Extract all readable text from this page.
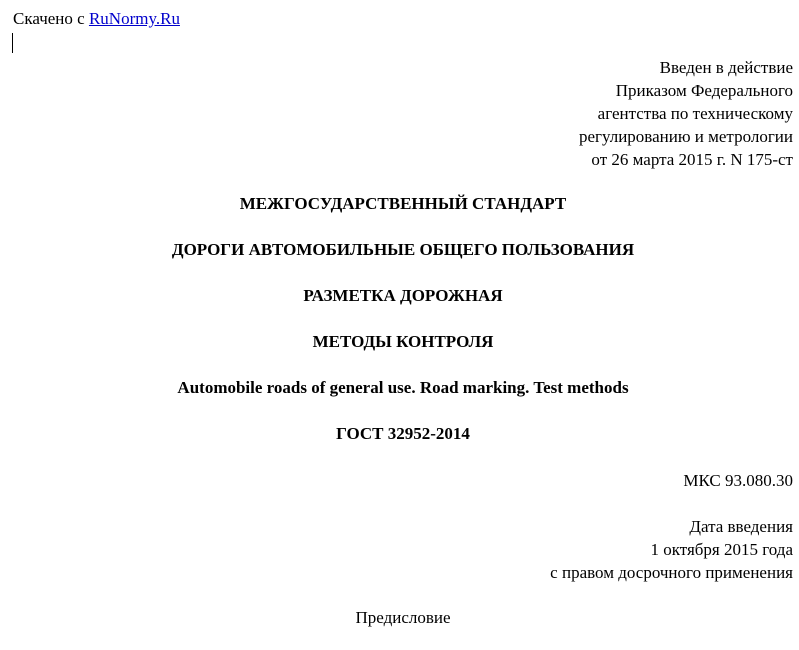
Скачено с RuNormy.Ru
Введен в действие
Приказом Федерального
агентства по техническому
регулированию и метрологии
от 26 марта 2015 г. N 175-ст
МЕЖГОСУДАРСТВЕННЫЙ СТАНДАРТ
ДОРОГИ АВТОМОБИЛЬНЫЕ ОБЩЕГО ПОЛЬЗОВАНИЯ
РАЗМЕТКА ДОРОЖНАЯ
МЕТОДЫ КОНТРОЛЯ
Automobile roads of general use. Road marking. Test methods
ГОСТ 32952-2014
МКС 93.080.30
Дата введения
1 октября 2015 года
с правом досрочного применения
Предисловие
